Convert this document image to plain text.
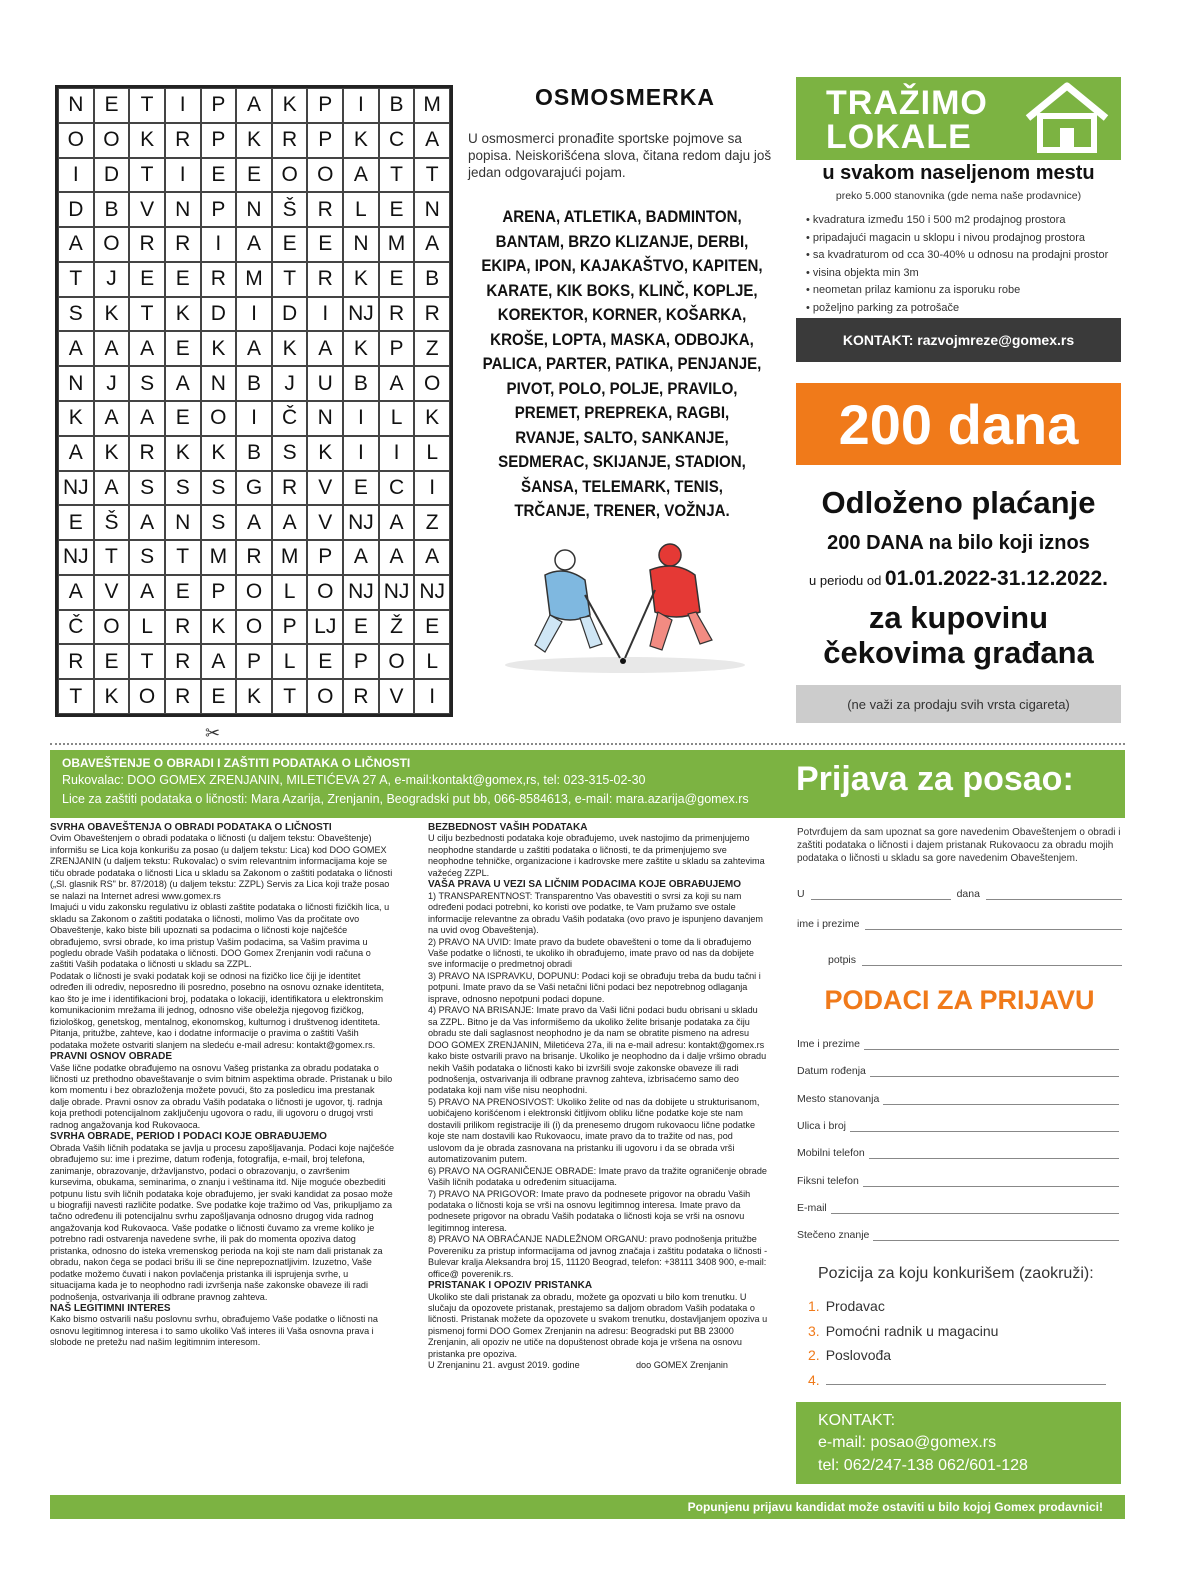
N	E	T	I	P	A	K	P	I	B M
O O K	R	P	K	R	P	K	C	A
I	D	T	I	E	E O O A	T	T
D	B	V	N	P	N	Š	R	L	E	N
A O R R	I	A	E	E	N M A
T	J	E	E	R M T	R	K	E	B
S	K	T	K	D	I	D	I NJ R R
A	A	A	E	K	A	K	A	K	P	Z
N	J	S	A	N	B	J	U	B	A O
K	A	A	E O	I	Č N	I	L	K
A	K	R	K	K	B	S	K	I	I	L
NJ A	S	S	S G R	V	E	C	I
E	Š	A	N	S	A	A	V NJ A	Z
NJ T	S	T M R M P	A	A	A
A	V	A	E	P O	L	O NJ NJ NJ
Č O	L	R	K O P LJ E	Ž	E
R	E	T	R	A	P	L	E	P O	L
T	K O R	E	K	T	O R	V	I
✂
OSMOSMERKA
U osmosmerci pronađite sportske pojmove sa popisa. Neiskorišćena slova, čitana redom daju još jedan odgovarajući pojam.
ARENA, ATLETIKA, BADMINTON,
BANTAM, BRZO KLIZANJE, DERBI,
EKIPA, IPON, KAJAKAŠTVO, KAPITEN,
KARATE, KIK BOKS, KLINČ, KOPLJE,
KOREKTOR, KORNER, KOŠARKA,
KROŠE, LOPTA, MASKA, ODBOJKA,
PALICA, PARTER, PATIKA, PENJANJE,
PIVOT, POLO, POLJE, PRAVILO,
PREMET, PREPREKA, RAGBI,
RVANJE, SALTO, SANKANJE,
SEDMERAC, SKIJANJE, STADION,
ŠANSA, TELEMARK, TENIS,
TRČANJE, TRENER, VOŽNJA.
TRAŽIMO
LOKALE
u svakom naseljenom mestu
preko 5.000 stanovnika (gde nema naše prodavnice)
• kvadratura između 150 i 500 m2 prodajnog prostora
• pripadajući magacin u sklopu i nivou prodajnog prostora
• sa kvadraturom od cca 30-40% u odnosu na prodajni prostor
• visina objekta min 3m
• neometan prilaz kamionu za isporuku robe
• poželjno parking za potrošače
KONTAKT: razvojmreze@gomex.rs
200 dana
Odloženo plaćanje
200 DANA na bilo koji iznos
u periodu od 01.01.2022-31.12.2022.
za kupovinu
čekovima građana
(ne važi za prodaju svih vrsta cigareta)
OBAVEŠTENJE O OBRADI I ZAŠTITI PODATAKA O LIČNOSTI
Rukovalac: DOO GOMEX ZRENJANIN, MILETIĆEVA 27 A, e-mail:kontakt@gomex,rs, tel: 023-315-02-30
Lice za zaštiti podataka o ličnosti: Mara Azarija, Zrenjanin, Beogradski put bb, 066-8584613, e-mail: mara.azarija@gomex.rs
Prijava za posao:

SVRHA OBAVEŠTENJA O OBRADI PODATAKA O LIČNOSTI

Ovim Obaveštenjem o obradi podataka o ličnosti (u daljem tekstu: Obaveštenje) informišu se Lica koja konkurišu za posao (u daljem tekstu: Lica) kod DOO GOMEX ZRENJANIN (u daljem tekstu: Rukovalac) o svim relevantnim informacijama koje se tiču obrade podataka o ličnosti Lica u skladu sa Zakonom o zaštiti podataka o ličnosti („Sl. glasnik RS" br. 87/2018) (u daljem tekstu: ZZPL) Servis za Lica koji traže posao se nalazi na Internet adresi www.gomex.rs

Imajući u vidu zakonsku regulativu iz oblasti zaštite podataka o ličnosti fizičkih lica, u skladu sa Zakonom o zaštiti podataka o ličnosti, molimo Vas da pročitate ovo Obaveštenje, kako biste bili upoznati sa podacima o ličnosti koje najčešće obrađujemo, svrsi obrade, ko ima pristup Vašim podacima, sa Vašim pravima u pogledu obrade Vaših podataka o ličnosti. DOO Gomex Zrenjanin vodi računa o zaštiti Vaših podataka o ličnosti u skladu sa ZZPL.

Podatak o ličnosti je svaki podatak koji se odnosi na fizičko lice čiji je identitet određen ili odrediv, neposredno ili posredno, posebno na osnovu oznake identiteta, kao što je ime i identifikacioni broj, podataka o lokaciji, identifikatora u elektronskim komunikacionim mrežama ili jednog, odnosno više obeležja njegovog fizičkog, fiziološkog, genetskog, mentalnog, ekonomskog, kulturnog i društvenog identiteta.

Pitanja, pritužbe, zahteve, kao i dodatne informacije o pravima o zaštiti Vaših podataka možete ostvariti slanjem na sledeću e-mail adresu: kontakt@gomex.rs.

PRAVNI OSNOV OBRADE

Vaše lične podatke obrađujemo na osnovu Vašeg pristanka za obradu podataka o ličnosti uz prethodno obaveštavanje o svim bitnim aspektima obrade. Pristanak u bilo kom momentu i bez obrazloženja možete povući, što za posledicu ima prestanak dalje obrade. Pravni osnov za obradu Vaših podataka o ličnosti je ugovor, tj. radnja koja prethodi potencijalnom zaključenju ugovora o radu, ili ugovoru o drugoj vrsti radnog angažovanja kod Rukovaoca.

SVRHA OBRADE, PERIOD I PODACI KOJE OBRAĐUJEMO

Obrada Vaših ličnih podataka se javlja u procesu zapošljavanja. Podaci koje najčešće obrađujemo su: ime i prezime, datum rođenja, fotografija, e-mail, broj telefona, zanimanje, obrazovanje, državljanstvo, podaci o obrazovanju, o završenim kursevima, obukama, seminarima, o znanju i veštinama itd. Nije moguće obezbediti potpunu listu svih ličnih podataka koje obrađujemo, jer svaki kandidat za posao može u biografiji navesti različite podatke. Sve podatke koje tražimo od Vas, prikupljamo za tačno određenu ili potencijalnu svrhu zapošljavanja odnosno drugog vida radnog angažovanja kod Rukovaoca. Vaše podatke o ličnosti čuvamo za vreme koliko je potrebno radi ostvarenja navedene svrhe, ili pak do momenta opoziva datog pristanka, odnosno do isteka vremenskog perioda na koji ste nam dali pristanak za obradu, nakon čega se podaci brišu ili se čine neprepoznatljivim. Izuzetno, Vaše podatke možemo čuvati i nakon povlačenja pristanka ili isprujenja svrhe, u situacijama kada je to neophodno radi izvršenja naše zakonske obaveze ili radi podnošenja, ostvarivanja ili odbrane pravnog zahteva.

NAŠ LEGITIMNI INTERES

Kako bismo ostvarili našu poslovnu svrhu, obrađujemo Vaše podatke o ličnosti na osnovu legitimnog interesa i to samo ukoliko Vaš interes ili Vaša osnovna prava i slobode ne pretežu nad našim legitimnim interesom.

BEZBEDNOST VAŠIH PODATAKA

U cilju bezbednosti podataka koje obrađujemo, uvek nastojimo da primenjujemo neophodne standarde u zaštiti podataka o ličnosti, te da primenjujemo sve neophodne tehničke, organizacione i kadrovske mere zaštite u skladu sa zahtevima važećeg ZZPL.

VAŠA PRAVA U VEZI SA LIČNIM PODACIMA KOJE OBRAĐUJEMO

1) TRANSPARENTNOST: Transparentno Vas obavestiti o svrsi za koji su nam određeni podaci potrebni, ko koristi ove podatke, te Vam pružamo sve ostale informacije relevantne za obradu Vaših podataka (ovo pravo je ispunjeno davanjem na uvid ovog Obaveštenja).

2) PRAVO NA UVID: Imate pravo da budete obavešteni o tome da li obrađujemo Vaše podatke o ličnosti, te ukoliko ih obrađujemo, imate pravo od nas da dobijete sve informacije o predmetnoj obradi

3) PRAVO NA ISPRAVKU, DOPUNU: Podaci koji se obrađuju treba da budu tačni i potpuni. Imate pravo da se Vaši netačni lični podaci bez nepotrebnog odlaganja isprave, odnosno nepotpuni podaci dopune.

4) PRAVO NA BRISANJE: Imate pravo da Vaši lični podaci budu obrisani u skladu sa ZZPL. Bitno je da Vas informišemo da ukoliko želite brisanje podataka za čiju obradu ste dali saglasnost neophodno je da nam se obratite pismeno na adresu DOO GOMEX ZRENJANIN, Miletićeva 27a, ili na e-mail adresu: kontakt@gomex.rs kako biste ostvarili pravo na brisanje. Ukoliko je neophodno da i dalje vršimo obradu nekih Vaših podataka o ličnosti kako bi izvršili svoje zakonske obaveze ili radi podnošenja, ostvarivanja ili odbrane pravnog zahteva, izbrisaćemo samo deo podataka koji nam više nisu neophodni.

5) PRAVO NA PRENOSIVOST: Ukoliko želite od nas da dobijete u strukturisanom, uobičajeno korišćenom i elektronski čitljivom obliku lične podatke koje ste nam dostavili prilikom registracije ili (i) da prenesemo drugom rukovaocu lične podatke koje ste nam dostavili kao Rukovaocu, imate pravo da to tražite od nas, pod uslovom da je obrada zasnovana na pristanku ili ugovoru i da se obrada vrši automatizovanim putem.

6) PRAVO NA OGRANIČENJE OBRADE: Imate pravo da tražite ograničenje obrade Vaših ličnih podataka u određenim situacijama.

7) PRAVO NA PRIGOVOR: Imate pravo da podnesete prigovor na obradu Vaših podataka o ličnosti koja se vrši na osnovu legitimnog interesa. Imate pravo da podnesete prigovor na obradu Vaših podataka o ličnosti koja se vrši na osnovu legitimnog interesa.

8) PRAVO NA OBRAĆANJE NADLEŽNOM ORGANU: pravo podnošenja pritužbe Povereniku za pristup informacijama od javnog značaja i zaštitu podataka o ličnosti - Bulevar kralja Aleksandra broj 15, 11120 Beograd, telefon: +38111 3408 900, e-mail: office@ poverenik.rs.

PRISTANAK I OPOZIV PRISTANKA

Ukoliko ste dali pristanak za obradu, možete ga opozvati u bilo kom trenutku. U slučaju da opozovete pristanak, prestajemo sa daljom obradom Vaših podataka o ličnosti. Pristanak možete da opozovete u svakom trenutku, dostavljanjem opoziva u pismenoj formi DOO Gomex Zrenjanin na adresu: Beogradski put BB 23000 Zrenjanin, ali opoziv ne utiče na dopuštenost obrade koja je vršena na osnovu pristanka pre opoziva.

U Zrenjaninu 21. avgust 2019. godine	doo GOMEX Zrenjanin

Potvrđujem da sam upoznat sa gore navedenim Obaveštenjem o obradi i zaštiti podataka o ličnosti i dajem pristanak Rukovaocu za obradu mojih podataka o ličnosti u skladu sa gore navedenim Obaveštenjem.
U	dana
ime i prezime
potpis
PODACI ZA PRIJAVU
Ime i prezime
Datum rođenja
Mesto stanovanja
Ulica i broj
Mobilni telefon
Fiksni telefon
E-mail
Stečeno znanje
Pozicija za koju konkurišem (zaokruži):
1. Prodavac
3. Pomoćni radnik u magacinu
2. Poslovođa
4.
KONTAKT:
e-mail: posao@gomex.rs
tel: 062/247-138 062/601-128
Popunjenu prijavu kandidat može ostaviti u bilo kojoj Gomex prodavnici!
